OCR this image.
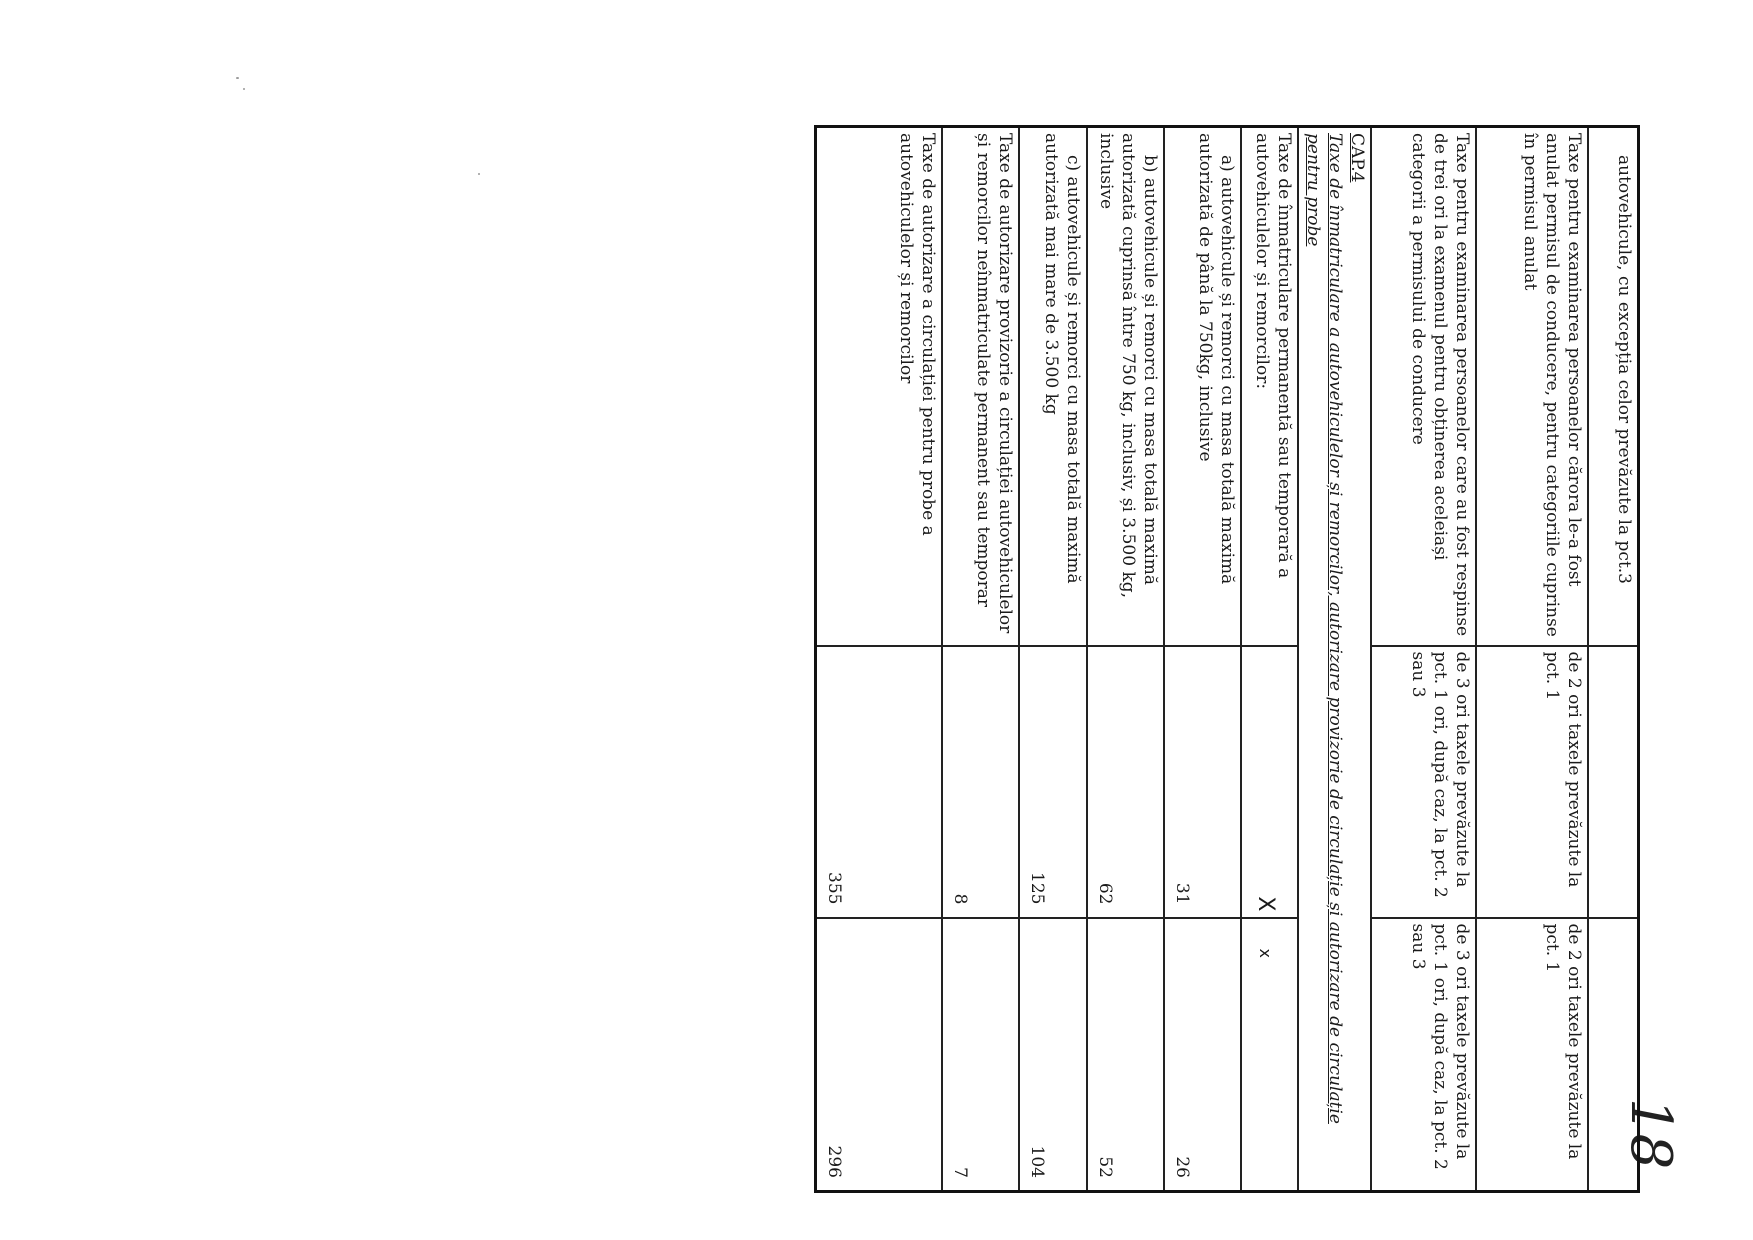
18
autovehicule, cu excepția celor prevăzute la pct.3		
Taxe pentru examinarea persoanelor cărora le-a fost anulat permisul de conducere, pentru categoriile cuprinse în permisul anulat	de 2 ori taxele prevăzute la pct. 1	de 2 ori taxele prevăzute la pct. 1
Taxe pentru examinarea persoanelor care au fost respinse de trei ori la examenul pentru obținerea aceleiași categorii a permisului de conducere	de 3 ori taxele prevăzute la pct. 1 ori, după caz, la pct. 2 sau 3	de 3 ori taxele prevăzute la pct. 1 ori, după caz, la pct. 2 sau 3

CAP.4
Taxe de înmatriculare a autovehiculelor și remorcilor, autorizare provizorie de circulație și autorizare de circulație pentru probe		

Taxe de înmatriculare permanentă sau temporară a autovehiculelor și remorcilor:	X	x
a) autovehicule și remorci cu masa totală maximă autorizată de până la 750kg, inclusive	31	26
b) autovehicule și remorci cu masa totală maximă autorizată cuprinsă între 750 kg, inclusiv, și 3.500 kg, inclusive	62	52
c) autovehicule și remorci cu masa totală maximă autorizată mai mare de 3.500 kg	125	104
Taxe de autorizare provizorie a circulației autovehiculelor și remorcilor neînmatriculate permanent sau temporar	8	7
Taxe de autorizare a circulației pentru probe a autovehiculelor și remorcilor	355	296
